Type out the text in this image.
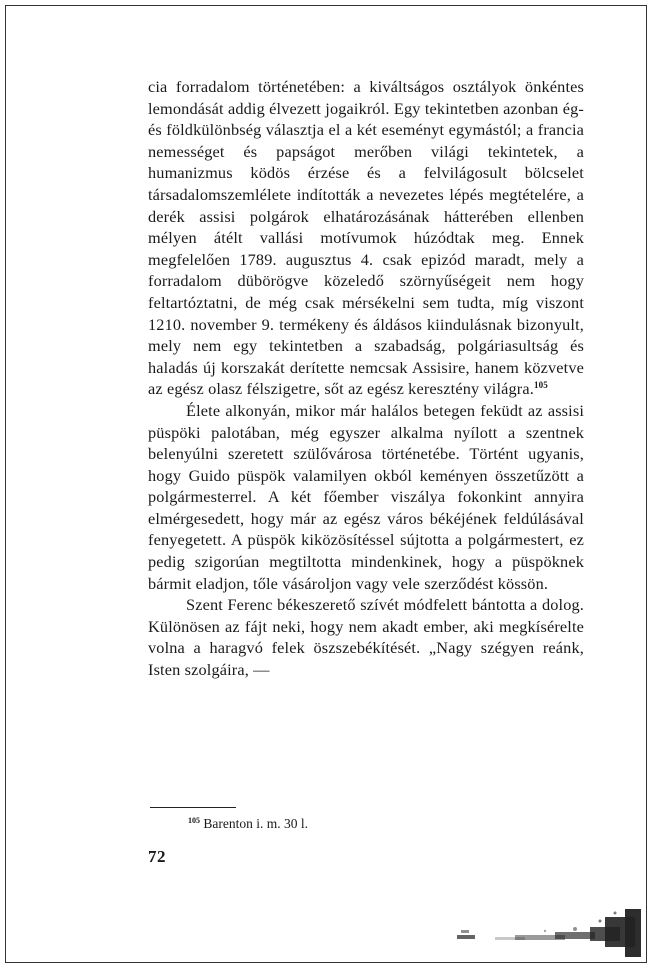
cia forradalom történetében: a kiváltságos osztályok önkéntes lemondását addig élvezett jogaikról. Egy tekintetben azonban ég- és földkülönbség választja el a két eseményt egymástól; a francia nemességet és papságot merőben világi tekintetek, a humanizmus ködös érzése és a felvilágosult bölcselet társadalomszemlélete indították a nevezetes lépés megtételére, a derék assisi polgárok elhatározásának hátterében ellenben mélyen átélt vallási motívumok húzódtak meg. Ennek megfelelően 1789. augusztus 4. csak epizód maradt, mely a forradalom dübörögve közeledő szörnyűségeit nem hogy feltartóztatni, de még csak mérsékelni sem tudta, míg viszont 1210. november 9. termékeny és áldásos kiindulásnak bizonyult, mely nem egy tekintetben a szabadság, polgáriasultság és haladás új korszakát derítette nemcsak Assisire, hanem közvetve az egész olasz félszigetre, sőt az egész keresztény világra.$^{105}$

Élete alkonyán, mikor már halálos betegen feküdt az assisi püspöki palotában, még egyszer alkalma nyílott a szentnek belenyúlni szeretett szülővárosa történetébe. Történt ugyanis, hogy Guido püspök valamilyen okból keményen összetűzött a polgármesterrel. A két főember viszálya fokonkint annyira elmérgesedett, hogy már az egész város békéjének feldúlásával fenyegetett. A püspök kiközösítéssel sújtotta a polgármestert, ez pedig szigorúan megtiltotta mindenkinek, hogy a püspöknek bármit eladjon, tőle vásároljon vagy vele szerződést kössön.

Szent Ferenc békeszerető szívét módfelett bántotta a dolog. Különösen az fájt neki, hogy nem akadt ember, aki megkísérelte volna a haragvó felek öszszebékítését. „Nagy szégyen reánk, Isten szolgáira, —

$^{105}$ Barenton i. m. 30 l.
72
